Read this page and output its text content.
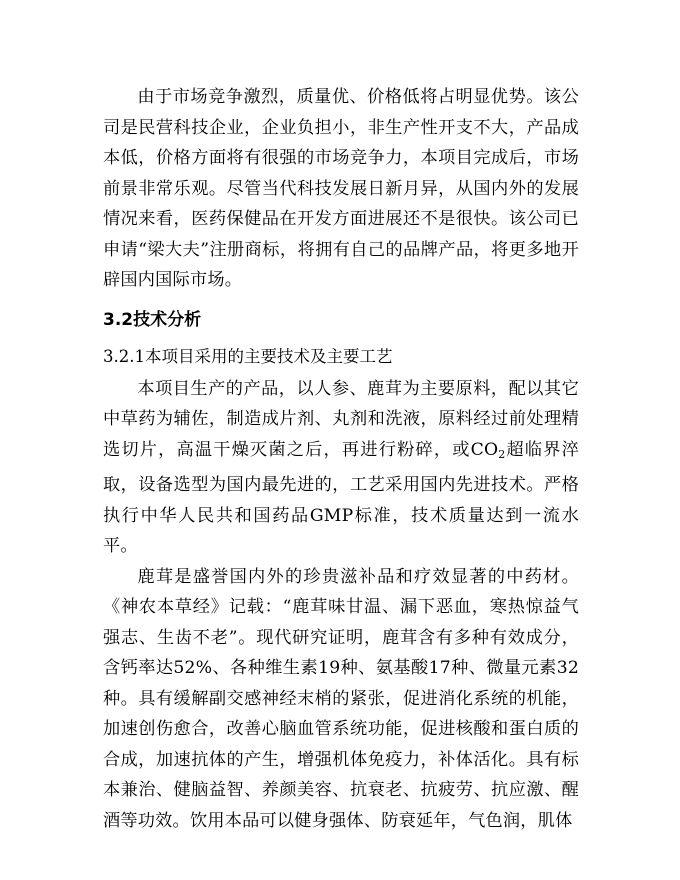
由于市场竞争激烈，质量优、价格低将占明显优势。该公司是民营科技企业，企业负担小，非生产性开支不大，产品成本低，价格方面将有很强的市场竞争力，本项目完成后，市场前景非常乐观。尽管当代科技发展日新月异，从国内外的发展情况来看，医药保健品在开发方面进展还不是很快。该公司已申请“梁大夫”注册商标，将拥有自己的品牌产品，将更多地开辟国内国际市场。

3.2技术分析
3.2.1本项目采用的主要技术及主要工艺

本项目生产的产品，以人参、鹿茸为主要原料，配以其它中草药为辅佐，制造成片剂、丸剂和洗液，原料经过前处理精选切片，高温干燥灭菌之后，再进行粉碎，或$CO_2$超临界淬取，设备选型为国内最先进的，工艺采用国内先进技术。严格执行中华人民共和国药品GMP标准，技术质量达到一流水平。

鹿茸是盛誉国内外的珍贵滋补品和疗效显著的中药材。《神农本草经》记载：“鹿茸味甘温、漏下恶血，寒热惊益气强志、生齿不老”。现代研究证明，鹿茸含有多种有效成分，含钙率达52%、各种维生素19种、氨基酸17种、微量元素32种。具有缓解副交感神经末梢的紧张，促进消化系统的机能，加速创伤愈合，改善心脑血管系统功能，促进核酸和蛋白质的合成，加速抗体的产生，增强机体免疫力，补体活化。具有标本兼治、健脑益智、养颜美容、抗衰老、抗疲劳、抗应激、醒酒等功效。饮用本品可以健身强体、防衰延年，气色润，肌体
